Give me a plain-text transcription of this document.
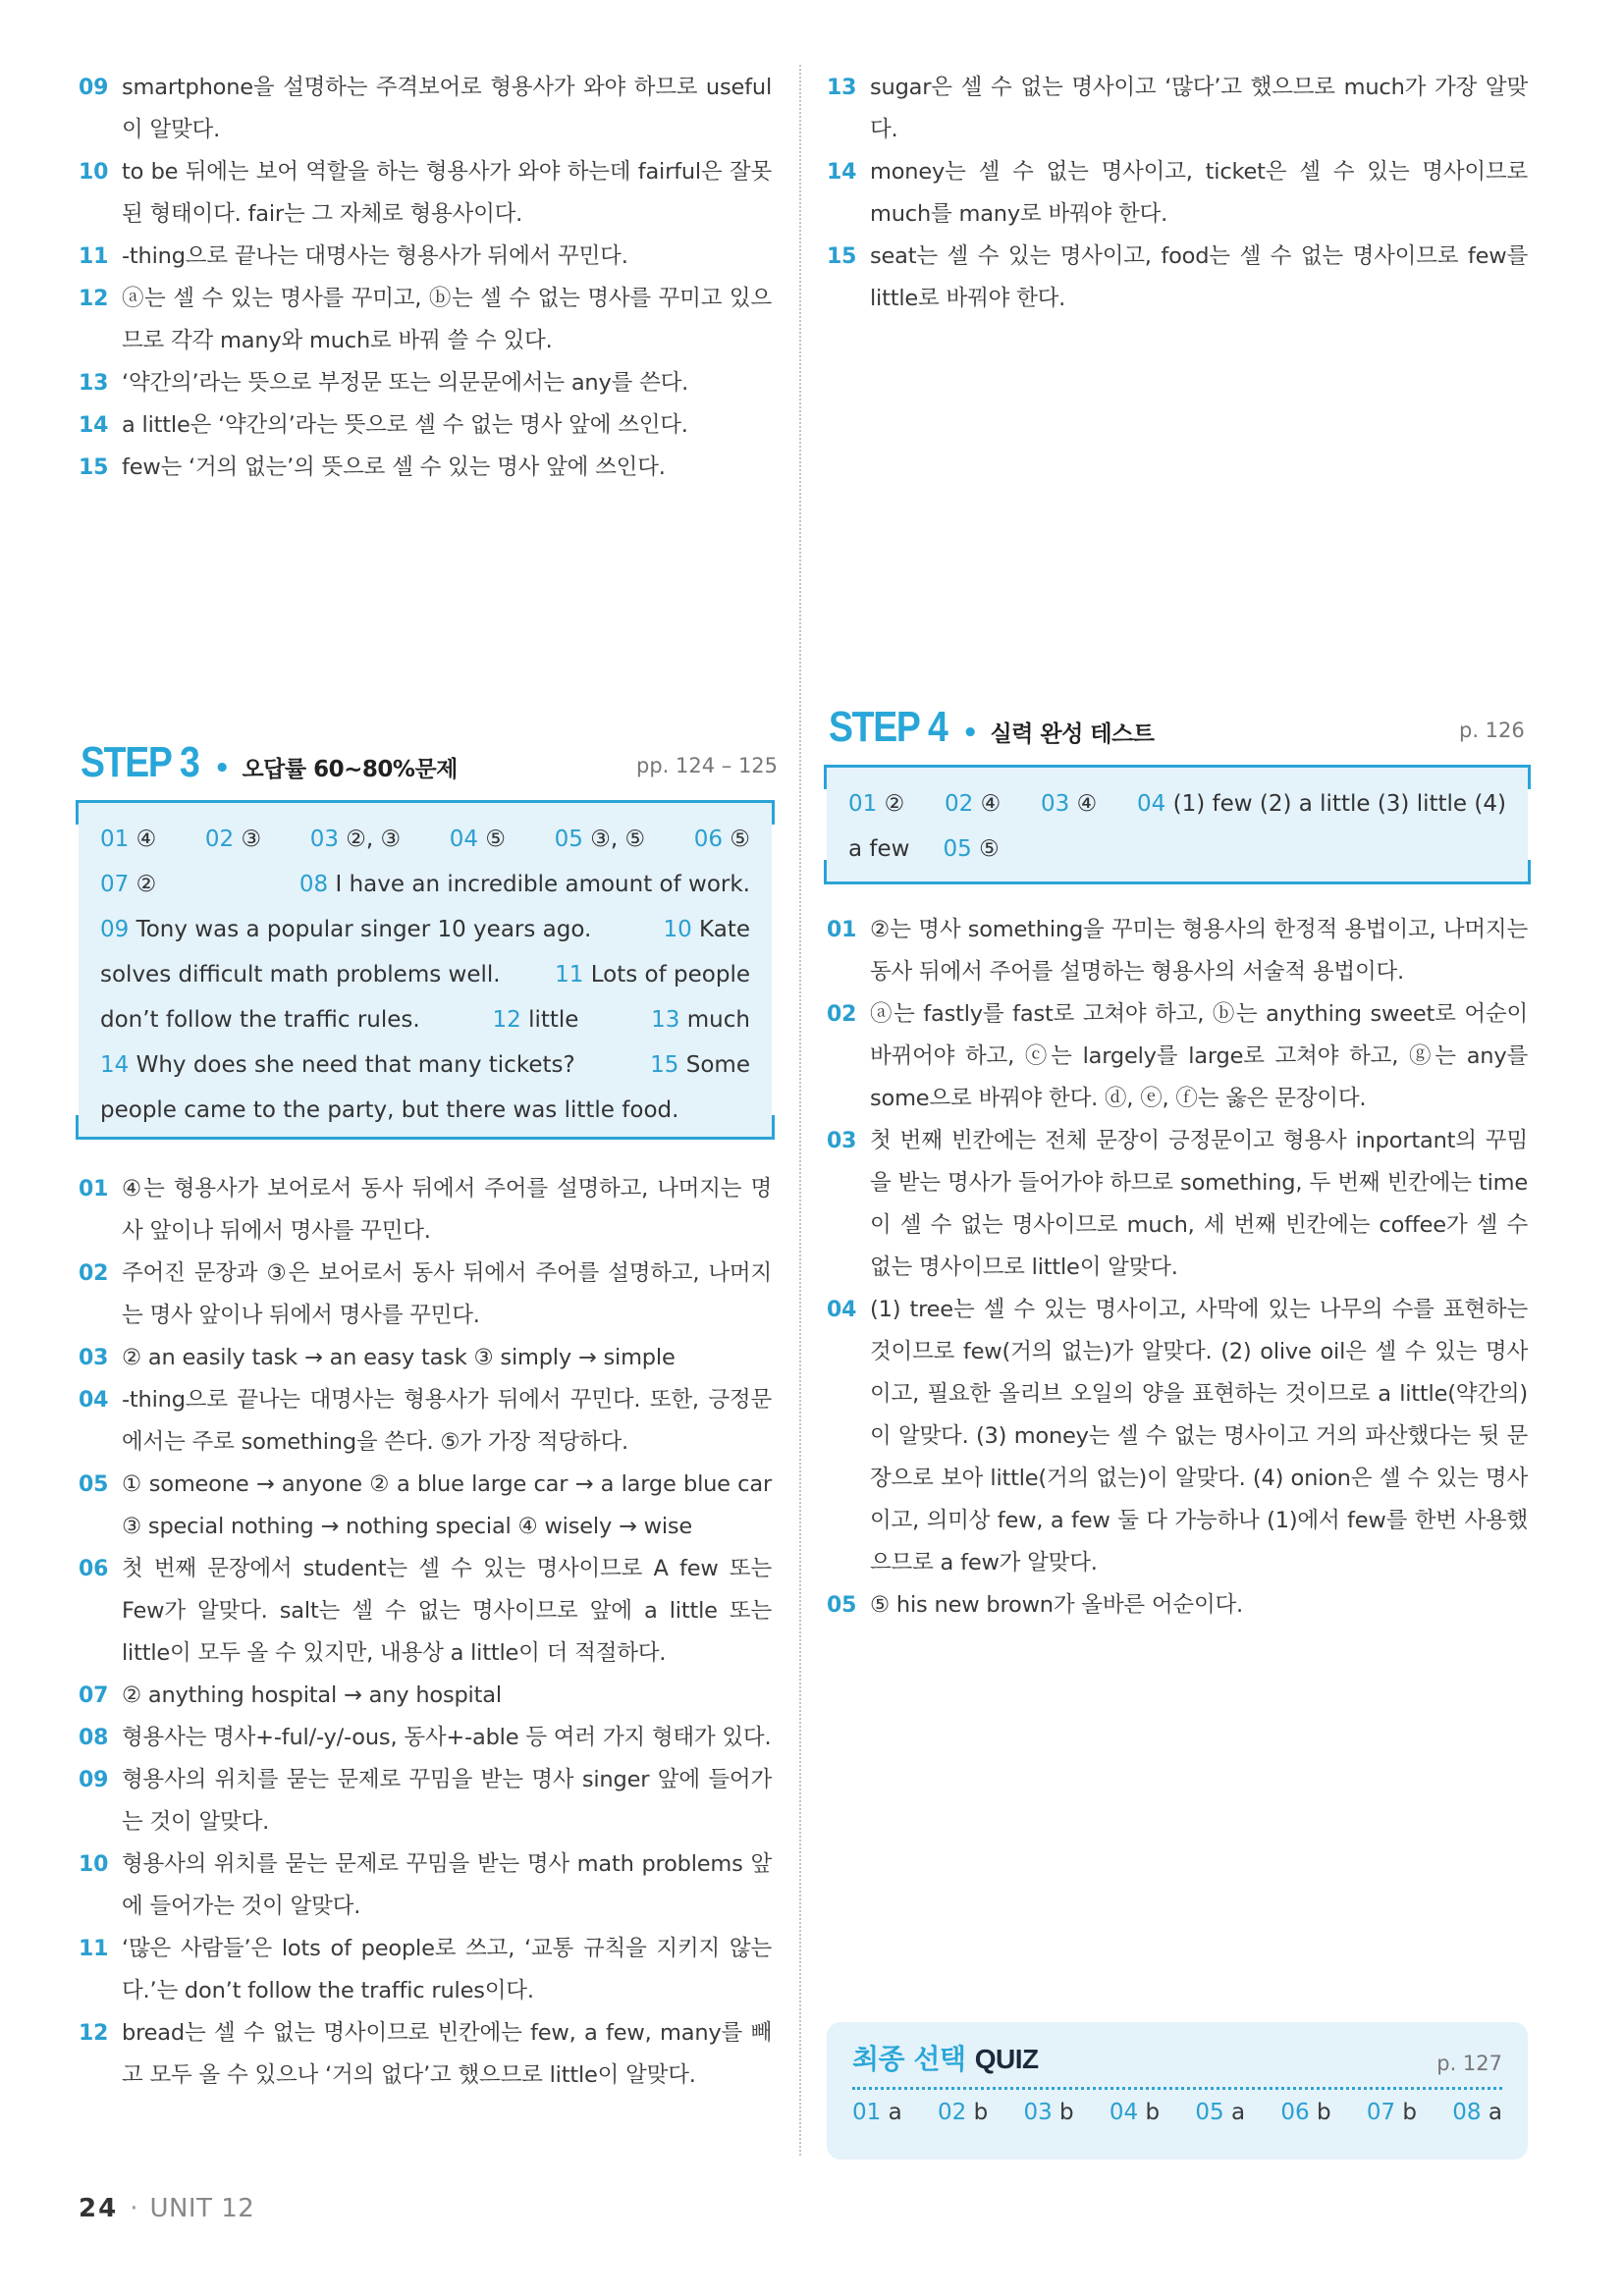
09 smartphone을 설명하는 주격보어로 형용사가 와야 하므로 useful이 알맞다.
10 to be 뒤에는 보어 역할을 하는 형용사가 와야 하는데 fairful은 잘못된 형태이다. fair는 그 자체로 형용사이다.
11 -thing으로 끝나는 대명사는 형용사가 뒤에서 꾸민다.
12 ⓐ는 셀 수 있는 명사를 꾸미고, ⓑ는 셀 수 없는 명사를 꾸미고 있으므로 각각 many와 much로 바꿔 쓸 수 있다.
13 ‘약간의’라는 뜻으로 부정문 또는 의문문에서는 any를 쓴다.
14 a little은 ‘약간의’라는 뜻으로 셀 수 없는 명사 앞에 쓰인다.
15 few는 ‘거의 없는’의 뜻으로 셀 수 있는 명사 앞에 쓰인다.
13 sugar은 셀 수 없는 명사이고 ‘많다’고 했으므로 much가 가장 알맞다.
14 money는 셀 수 없는 명사이고, ticket은 셀 수 있는 명사이므로 much를 many로 바꿔야 한다.
15 seat는 셀 수 있는 명사이고, food는 셀 수 없는 명사이므로 few를 little로 바꿔야 한다.
STEP 3 • 오답률 60~80%문제	pp. 124 – 125
01 ④ 02 ③ 03 ②, ③ 04 ⑤ 05 ③, ⑤ 06 ⑤
07 ②	08 I have an incredible amount of work.
09 Tony was a popular singer 10 years ago.	10 Kate
solves difficult math problems well. 11 Lots of people
don’t follow the traffic rules.	12 little	13 much
14 Why does she need that many tickets?	15 Some
people came to the party, but there was little food.
01 ④는 형용사가 보어로서 동사 뒤에서 주어를 설명하고, 나머지는 명사 앞이나 뒤에서 명사를 꾸민다.
02 주어진 문장과 ③은 보어로서 동사 뒤에서 주어를 설명하고, 나머지는 명사 앞이나 뒤에서 명사를 꾸민다.
03 ② an easily task → an easy task ③ simply → simple
04 -thing으로 끝나는 대명사는 형용사가 뒤에서 꾸민다. 또한, 긍정문에서는 주로 something을 쓴다. ⑤가 가장 적당하다.
05 ① someone → anyone ② a blue large car → a large blue car ③ special nothing → nothing special ④ wisely → wise
06 첫 번째 문장에서 student는 셀 수 있는 명사이므로 A few 또는 Few가 알맞다. salt는 셀 수 없는 명사이므로 앞에 a little 또는 little이 모두 올 수 있지만, 내용상 a little이 더 적절하다.
07 ② anything hospital → any hospital
08 형용사는 명사+-ful/-y/-ous, 동사+-able 등 여러 가지 형태가 있다.
09 형용사의 위치를 묻는 문제로 꾸밈을 받는 명사 singer 앞에 들어가는 것이 알맞다.
10 형용사의 위치를 묻는 문제로 꾸밈을 받는 명사 math problems 앞에 들어가는 것이 알맞다.
11 ‘많은 사람들’은 lots of people로 쓰고, ‘교통 규칙을 지키지 않는다.’는 don’t follow the traffic rules이다.
12 bread는 셀 수 없는 명사이므로 빈칸에는 few, a few, many를 빼고 모두 올 수 있으나 ‘거의 없다’고 했으므로 little이 알맞다.
STEP 4 • 실력 완성 테스트	p. 126
01 ② 02 ④ 03 ④ 04 (1) few (2) a little (3) little (4)
a few 05 ⑤
01 ②는 명사 something을 꾸미는 형용사의 한정적 용법이고, 나머지는 동사 뒤에서 주어를 설명하는 형용사의 서술적 용법이다.
02 ⓐ는 fastly를 fast로 고쳐야 하고, ⓑ는 anything sweet로 어순이 바뀌어야 하고, ⓒ는 largely를 large로 고쳐야 하고, ⓖ는 any를 some으로 바꿔야 한다. ⓓ, ⓔ, ⓕ는 옳은 문장이다.
03 첫 번째 빈칸에는 전체 문장이 긍정문이고 형용사 inportant의 꾸밈을 받는 명사가 들어가야 하므로 something, 두 번째 빈칸에는 time이 셀 수 없는 명사이므로 much, 세 번째 빈칸에는 coffee가 셀 수 없는 명사이므로 little이 알맞다.
04 (1) tree는 셀 수 있는 명사이고, 사막에 있는 나무의 수를 표현하는 것이므로 few(거의 없는)가 알맞다. (2) olive oil은 셀 수 있는 명사이고, 필요한 올리브 오일의 양을 표현하는 것이므로 a little(약간의)이 알맞다. (3) money는 셀 수 없는 명사이고 거의 파산했다는 뒷 문장으로 보아 little(거의 없는)이 알맞다. (4) onion은 셀 수 있는 명사이고, 의미상 few, a few 둘 다 가능하나 (1)에서 few를 한번 사용했으므로 a few가 알맞다.
05 ⑤ his new brown가 올바른 어순이다.
최종 선택 QUIZ	p. 127
01 a 02 b 03 b 04 b 05 a 06 b 07 b 08 a
24 · UNIT 12
